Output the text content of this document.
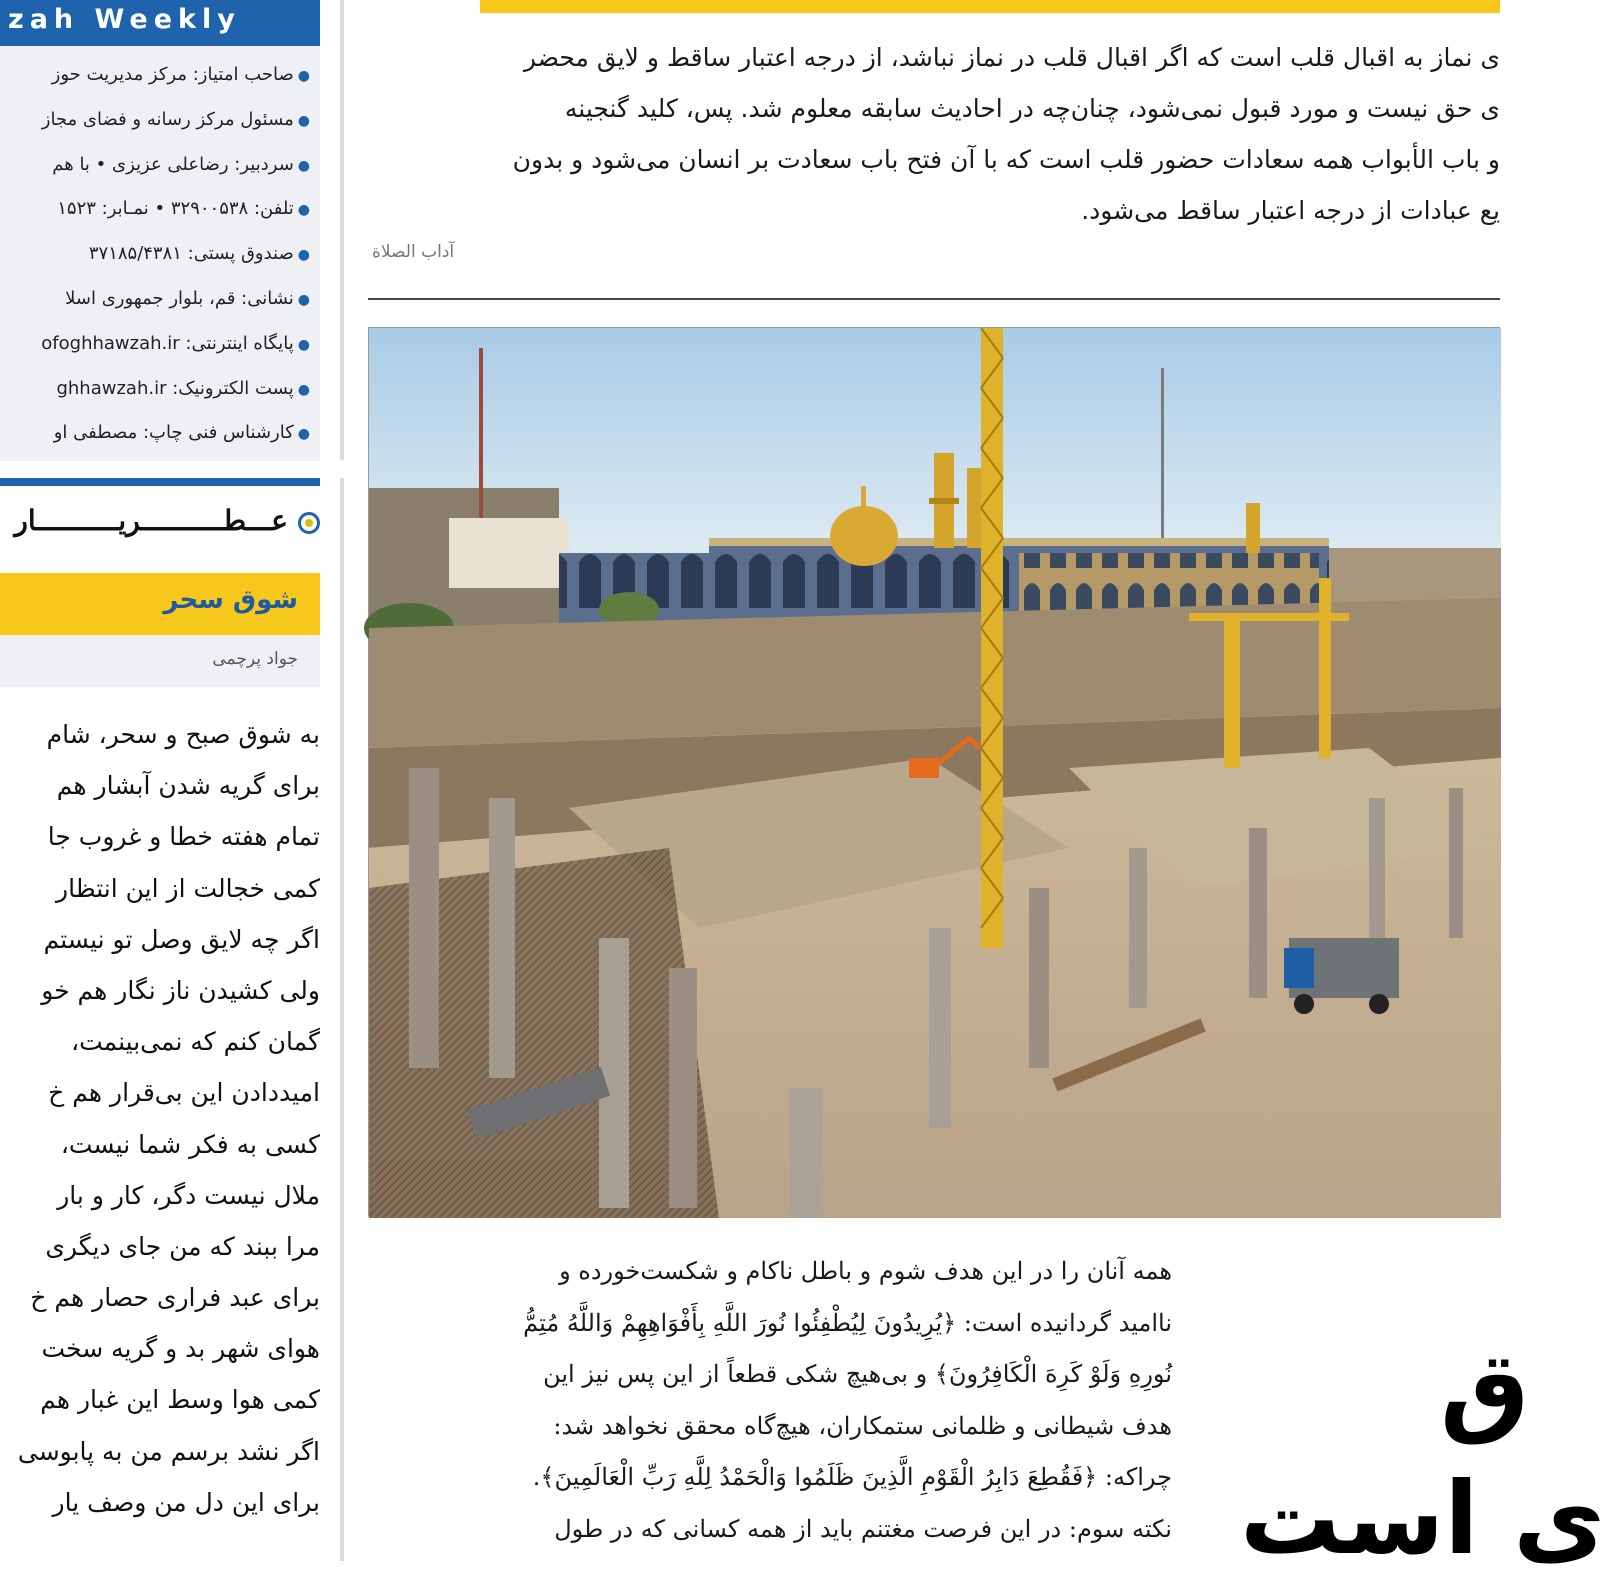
zah Weekly
●صاحب امتیاز: مرکز مدیریت حوز
●مسئول مرکز رسانه و فضای مجاز
●سردبیر: رضاعلی عزیزی • با هم
●تلفن: ۳۲۹۰۰۵۳۸ • نمـابر: ۱۵۲۳
●صندوق پستی: ۳۷۱۸۵/۴۳۸۱
●نشانی: قم، بلوار جمهوری اسلا
●پایگاه اینترنتی: ofoghhawzah.ir
●پست الکترونیک: ghhawzah.ir
●کارشناس فنی چاپ: مصطفی او
عـــطــــــــــریــــــــــار
شوق سحر
جواد پرچمی
به شوق صبح و سحر، شام
برای گریه شدن آبشار هم
تمام هفته خطا و غروب جا
کمی خجالت از این انتظار
اگر چه لایق وصل تو نیستم
ولی کشیدن ناز نگار هم خو
گمان کنم که نمی‌بینمت،
امیددادن این بی‌قرار هم خ
کسی به فکر شما نیست،
ملال نیست دگر، کار و بار
مرا ببند که من جای دیگری
برای عبد فراری حصار هم خ
هوای شهر بد و گریه سخت
کمی هوا وسط این غبار هم
اگر نشد برسم من به پابوسی
برای این دل من وصف یار
ی نماز به اقبال قلب است که اگر اقبال قلب در نماز نباشد، از درجه اعتبار ساقط و لایق محضر
ی حق نیست و مورد قبول نمی‌شود، چنان‌چه در احادیث سابقه معلوم شد. پس، کلید گنجینه
و باب الأبواب همه سعادات حضور قلب است که با آن فتح باب سعادت بر انسان می‌شود و بدون
یع عبادات از درجه اعتبار ساقط می‌شود.
آداب الصلاة
همه آنان را در این هدف شوم و باطل ناکام و شکست‌خورده و
ناامید گردانیده است: ﴿یُرِیدُونَ لِیُطْفِئُوا نُورَ اللَّهِ بِأَفْوَاهِهِمْ وَاللَّهُ مُتِمُّ
نُورِهِ وَلَوْ كَرِهَ الْكَافِرُونَ﴾ و بی‌هیچ شکی قطعاً از این پس نیز این
هدف شیطانی و ظلمانی ستمکاران، هیچ‌گاه محقق نخواهد شد:
چراکه: ﴿فَقُطِعَ دَابِرُ الْقَوْمِ الَّذِینَ ظَلَمُوا وَالْحَمْدُ لِلَّهِ رَبِّ الْعَالَمِینَ﴾.
نکته سوم: در این فرصت مغتنم باید از همه کسانی که در طول
ق
ی است
